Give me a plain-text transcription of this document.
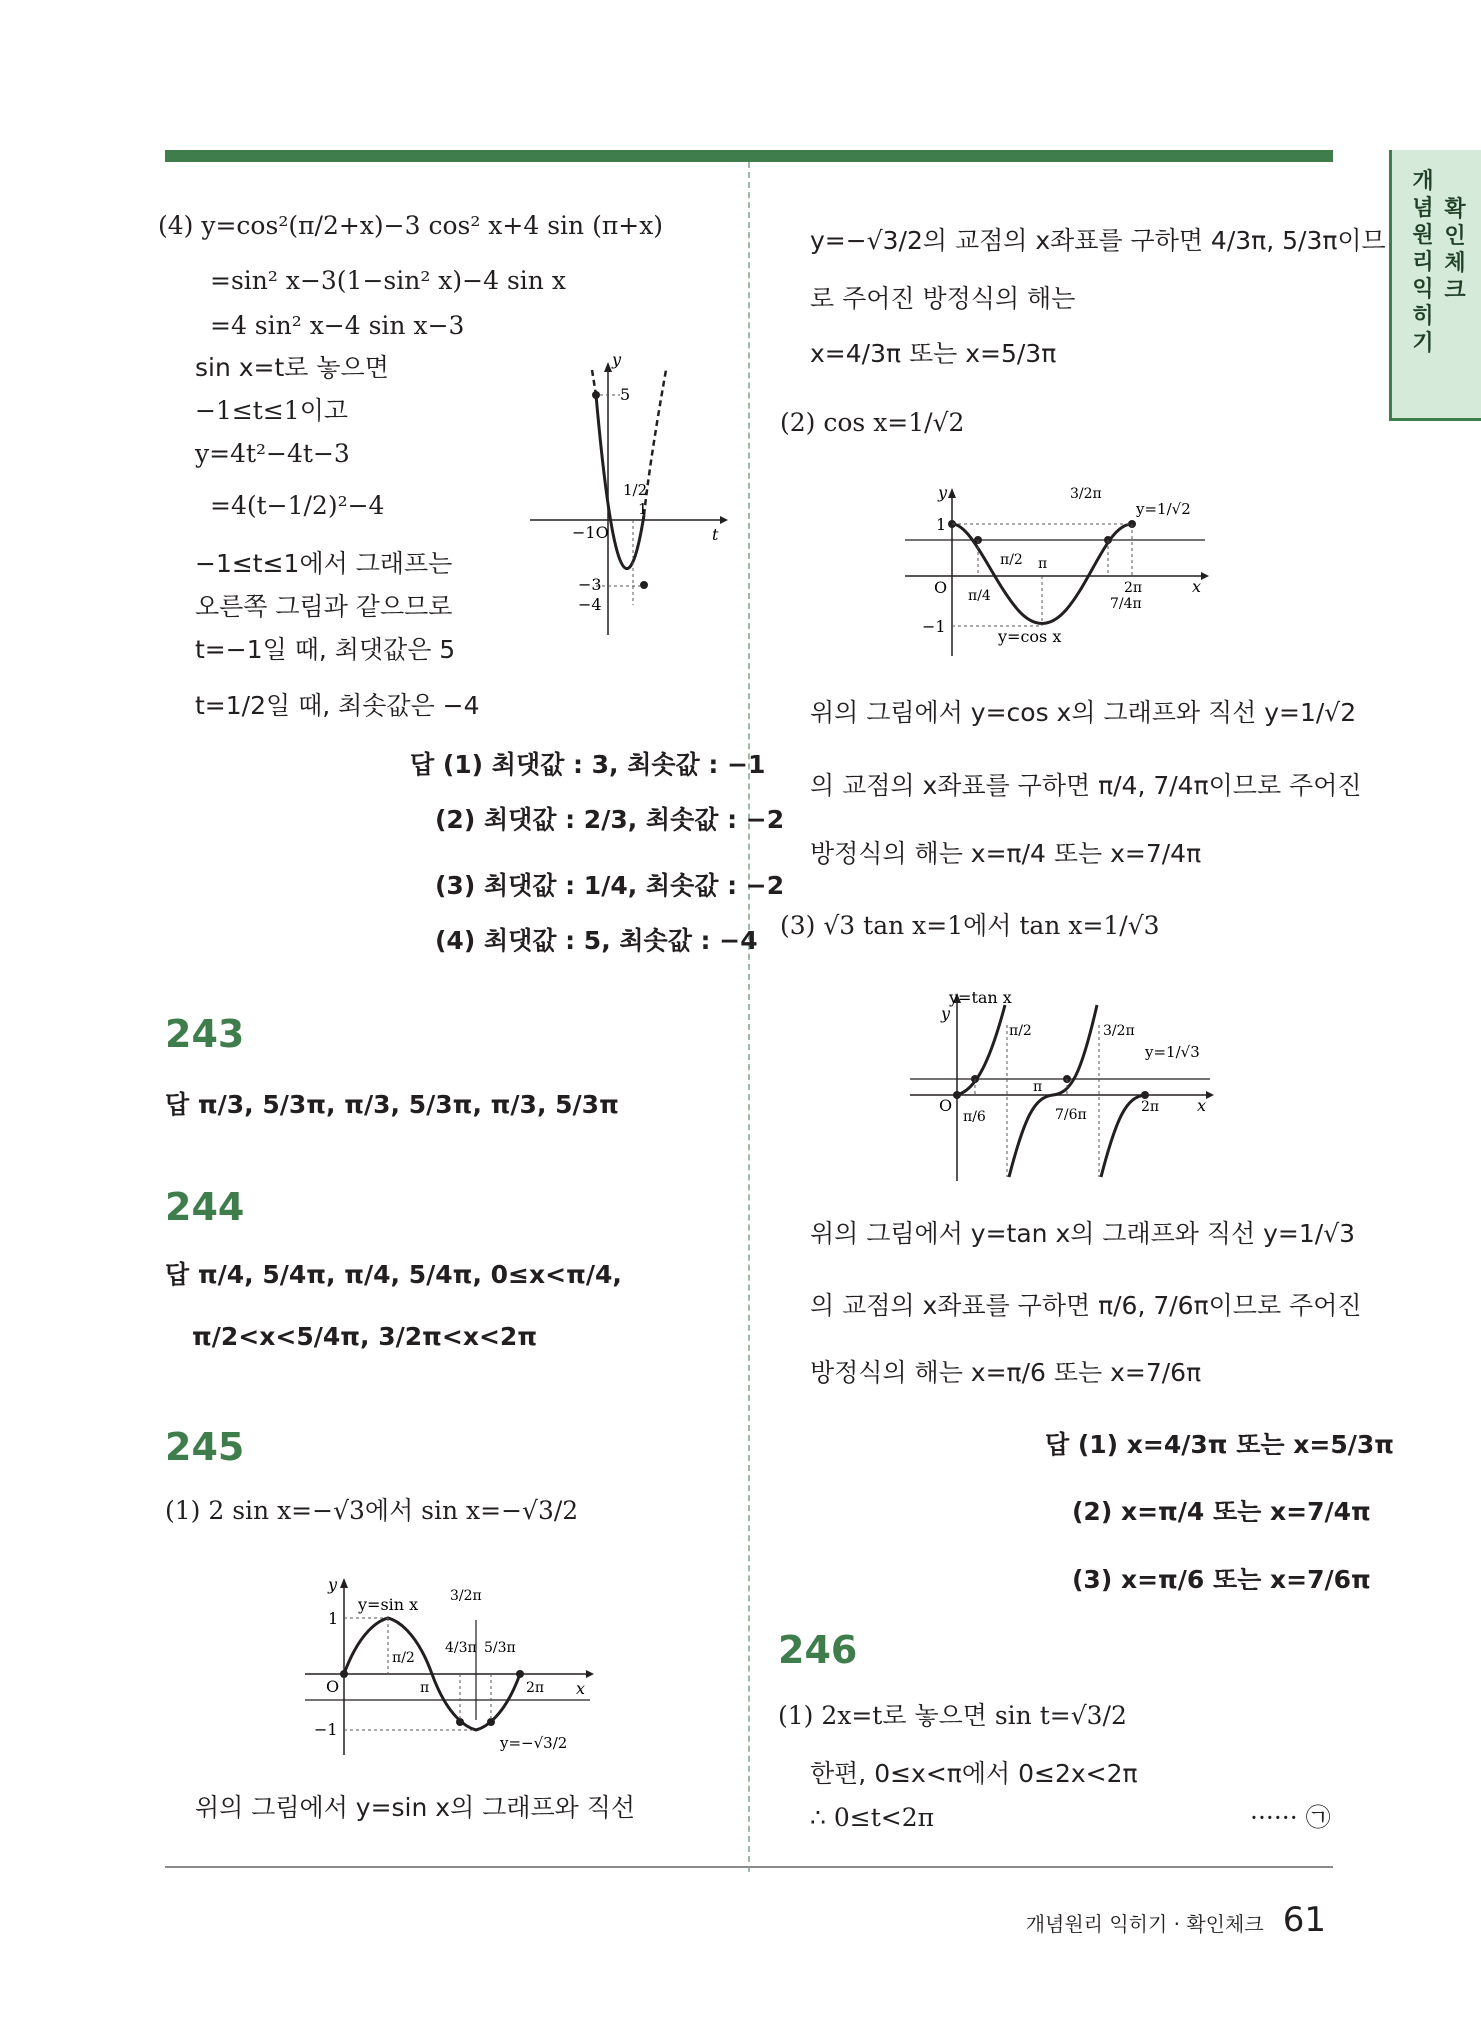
개념원리 익히기
확인체크
(4) y=cos²(π/2+x)−3 cos² x+4 sin (π+x)
=sin² x−3(1−sin² x)−4 sin x
=4 sin² x−4 sin x−3
sin x=t로 놓으면
−1≤t≤1이고
y=4t²−4t−3
=4(t−1/2)²−4
−1≤t≤1에서 그래프는
오른쪽 그림과 같으므로
t=−1일 때, 최댓값은 5
t=1/2일 때, 최솟값은 −4
y
t
5
1/2
−1O
1
−3
−4
답 (1) 최댓값 : 3, 최솟값 : −1
(2) 최댓값 : 2/3, 최솟값 : −2
(3) 최댓값 : 1/4, 최솟값 : −2
(4) 최댓값 : 5, 최솟값 : −4
243
답 π/3, 5/3π, π/3, 5/3π, π/3, 5/3π
244
답 π/4, 5/4π, π/4, 5/4π, 0≤x<π/4,
π/2<x<5/4π, 3/2π<x<2π
245
(1) 2 sin x=−√3에서 sin x=−√3/2
y
x
y=sin x
1
−1
O
π/2
π
3/2π
4/3π 5/3π
2π
y=−√3/2
위의 그림에서 y=sin x의 그래프와 직선
y=−√3/2의 교점의 x좌표를 구하면 4/3π, 5/3π이므
로 주어진 방정식의 해는
x=4/3π 또는 x=5/3π
(2) cos x=1/√2
y
x
y=cos x
1
−1
O π/4
π/2 π
3/2π
7/4π
2π
y=1/√2
위의 그림에서 y=cos x의 그래프와 직선 y=1/√2
의 교점의 x좌표를 구하면 π/4, 7/4π이므로 주어진
방정식의 해는 x=π/4 또는 x=7/4π
(3) √3 tan x=1에서 tan x=1/√3
y=tan x
y
x
O
π/6
π/2
π
3/2π
7/6π	2π
y=1/√3
위의 그림에서 y=tan x의 그래프와 직선 y=1/√3
의 교점의 x좌표를 구하면 π/6, 7/6π이므로 주어진
방정식의 해는 x=π/6 또는 x=7/6π
답 (1) x=4/3π 또는 x=5/3π
(2) x=π/4 또는 x=7/4π
(3) x=π/6 또는 x=7/6π
246
(1) 2x=t로 놓으면 sin t=√3/2
한편, 0≤x<π에서 0≤2x<2π
∴ 0≤t<2π	······ ㉠
개념원리 익히기 · 확인체크 61
